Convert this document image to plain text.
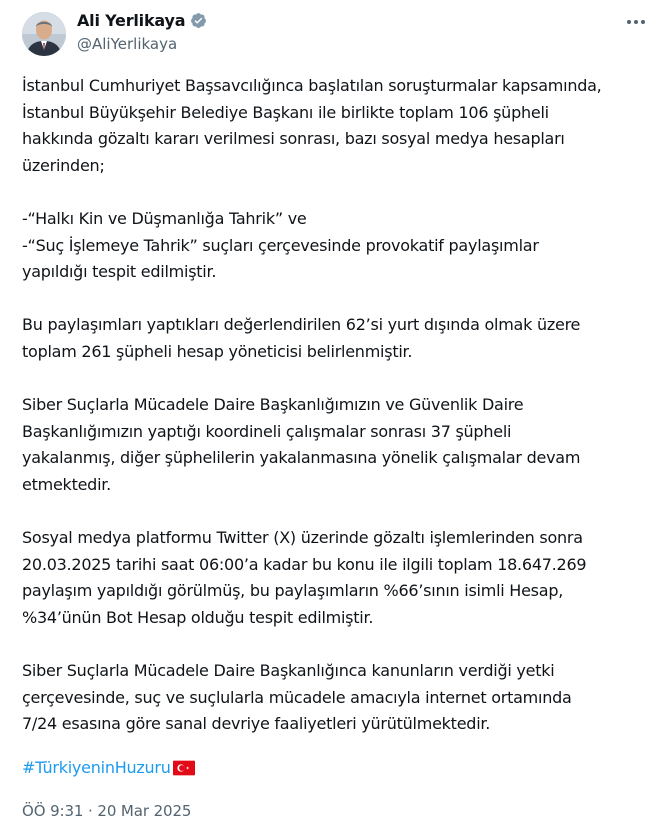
Ali Yerlikaya
@AliYerlikaya

İstanbul Cumhuriyet Başsavcılığınca başlatılan soruşturmalar kapsamında,

İstanbul Büyükşehir Belediye Başkanı ile birlikte toplam 106 şüpheli

hakkında gözaltı kararı verilmesi sonrası, bazı sosyal medya hesapları

üzerinden;

-“Halkı Kin ve Düşmanlığa Tahrik” ve

-“Suç İşlemeye Tahrik” suçları çerçevesinde provokatif paylaşımlar

yapıldığı tespit edilmiştir.

Bu paylaşımları yaptıkları değerlendirilen 62’si yurt dışında olmak üzere

toplam 261 şüpheli hesap yöneticisi belirlenmiştir.

Siber Suçlarla Mücadele Daire Başkanlığımızın ve Güvenlik Daire

Başkanlığımızın yaptığı koordineli çalışmalar sonrası 37 şüpheli

yakalanmış, diğer şüphelilerin yakalanmasına yönelik çalışmalar devam

etmektedir.

Sosyal medya platformu Twitter (X) üzerinde gözaltı işlemlerinden sonra

20.03.2025 tarihi saat 06:00’a kadar bu konu ile ilgili toplam 18.647.269

paylaşım yapıldığı görülmüş, bu paylaşımların %66’sının isimli Hesap,

%34’ünün Bot Hesap olduğu tespit edilmiştir.

Siber Suçlarla Mücadele Daire Başkanlığınca kanunların verdiği yetki

çerçevesinde, suç ve suçlularla mücadele amacıyla internet ortamında

7/24 esasına göre sanal devriye faaliyetleri yürütülmektedir.

#TürkiyeninHuzuru
ÖÖ 9:31 · 20 Mar 2025
